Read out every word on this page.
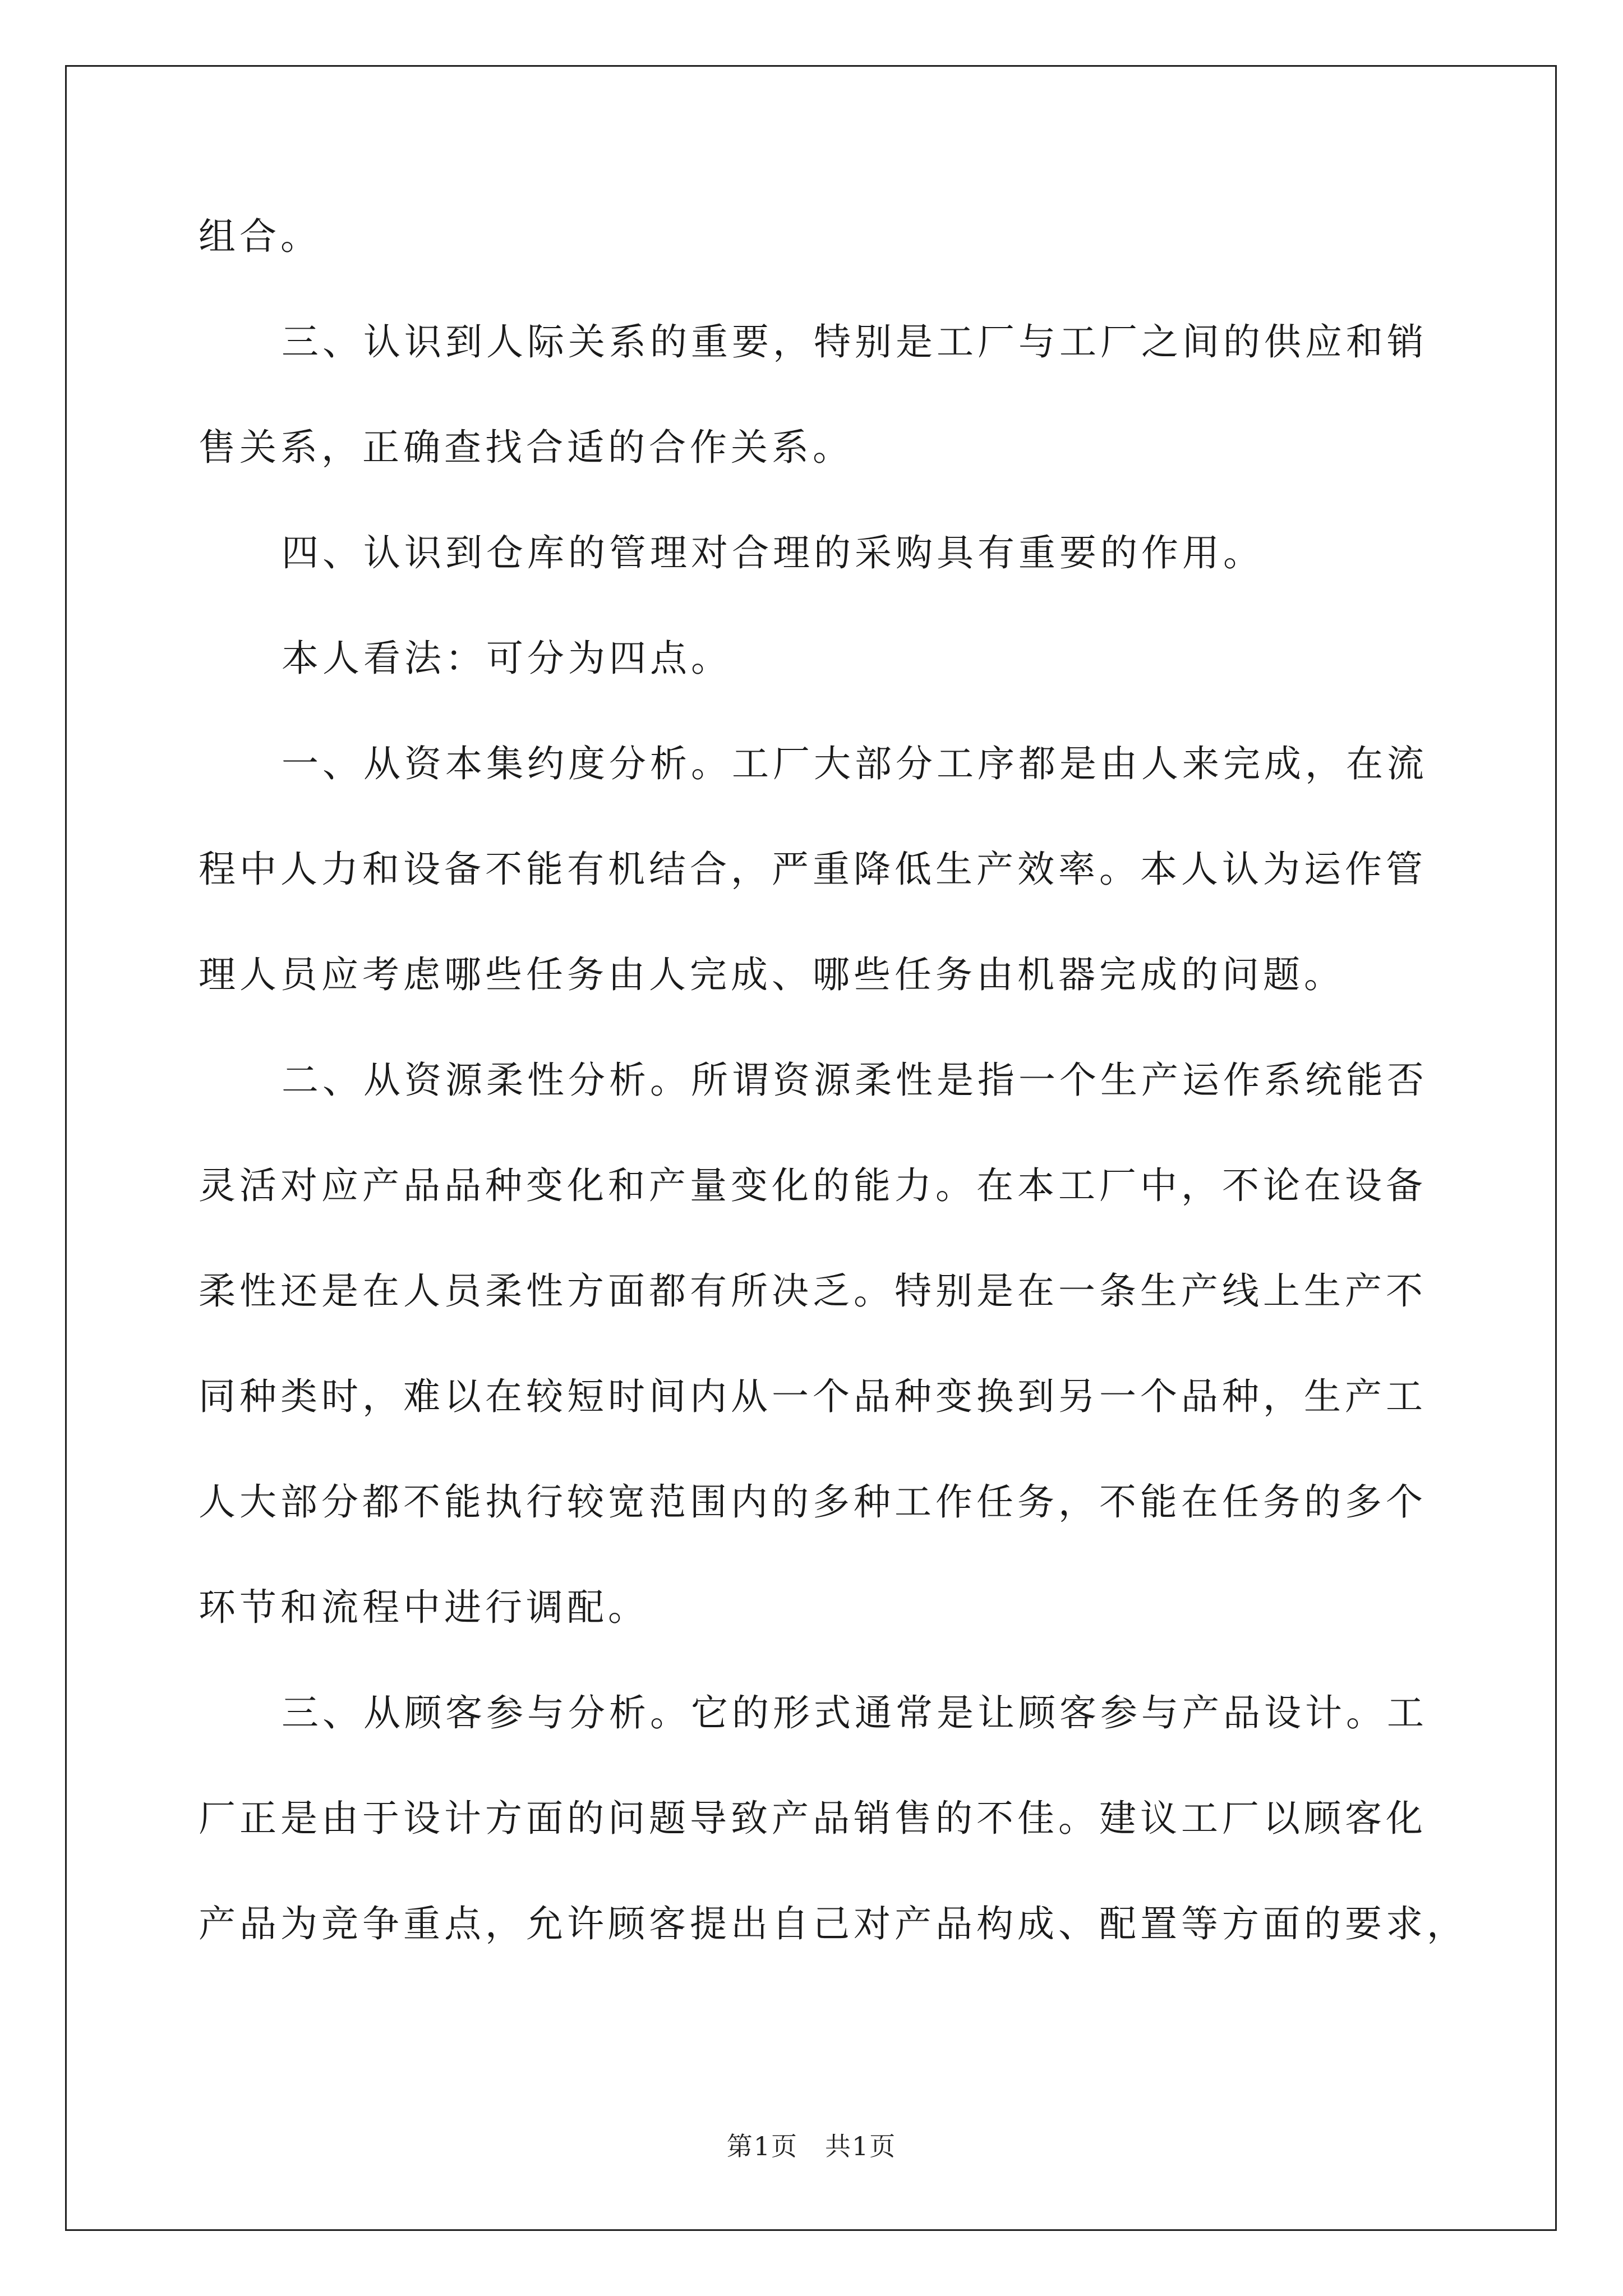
组合。
三、认识到人际关系的重要，特别是工厂与工厂之间的供应和销
售关系，正确查找合适的合作关系。
四、认识到仓库的管理对合理的采购具有重要的作用。
本人看法：可分为四点。
一、从资本集约度分析。工厂大部分工序都是由人来完成，在流
程中人力和设备不能有机结合，严重降低生产效率。本人认为运作管
理人员应考虑哪些任务由人完成、哪些任务由机器完成的问题。
二、从资源柔性分析。所谓资源柔性是指一个生产运作系统能否
灵活对应产品品种变化和产量变化的能力。在本工厂中，不论在设备
柔性还是在人员柔性方面都有所决乏。特别是在一条生产线上生产不
同种类时，难以在较短时间内从一个品种变换到另一个品种，生产工
人大部分都不能执行较宽范围内的多种工作任务，不能在任务的多个
环节和流程中进行调配。
三、从顾客参与分析。它的形式通常是让顾客参与产品设计。工
厂正是由于设计方面的问题导致产品销售的不佳。建议工厂以顾客化
产品为竞争重点，允许顾客提出自己对产品构成、配置等方面的要求，
第1页　共1页
